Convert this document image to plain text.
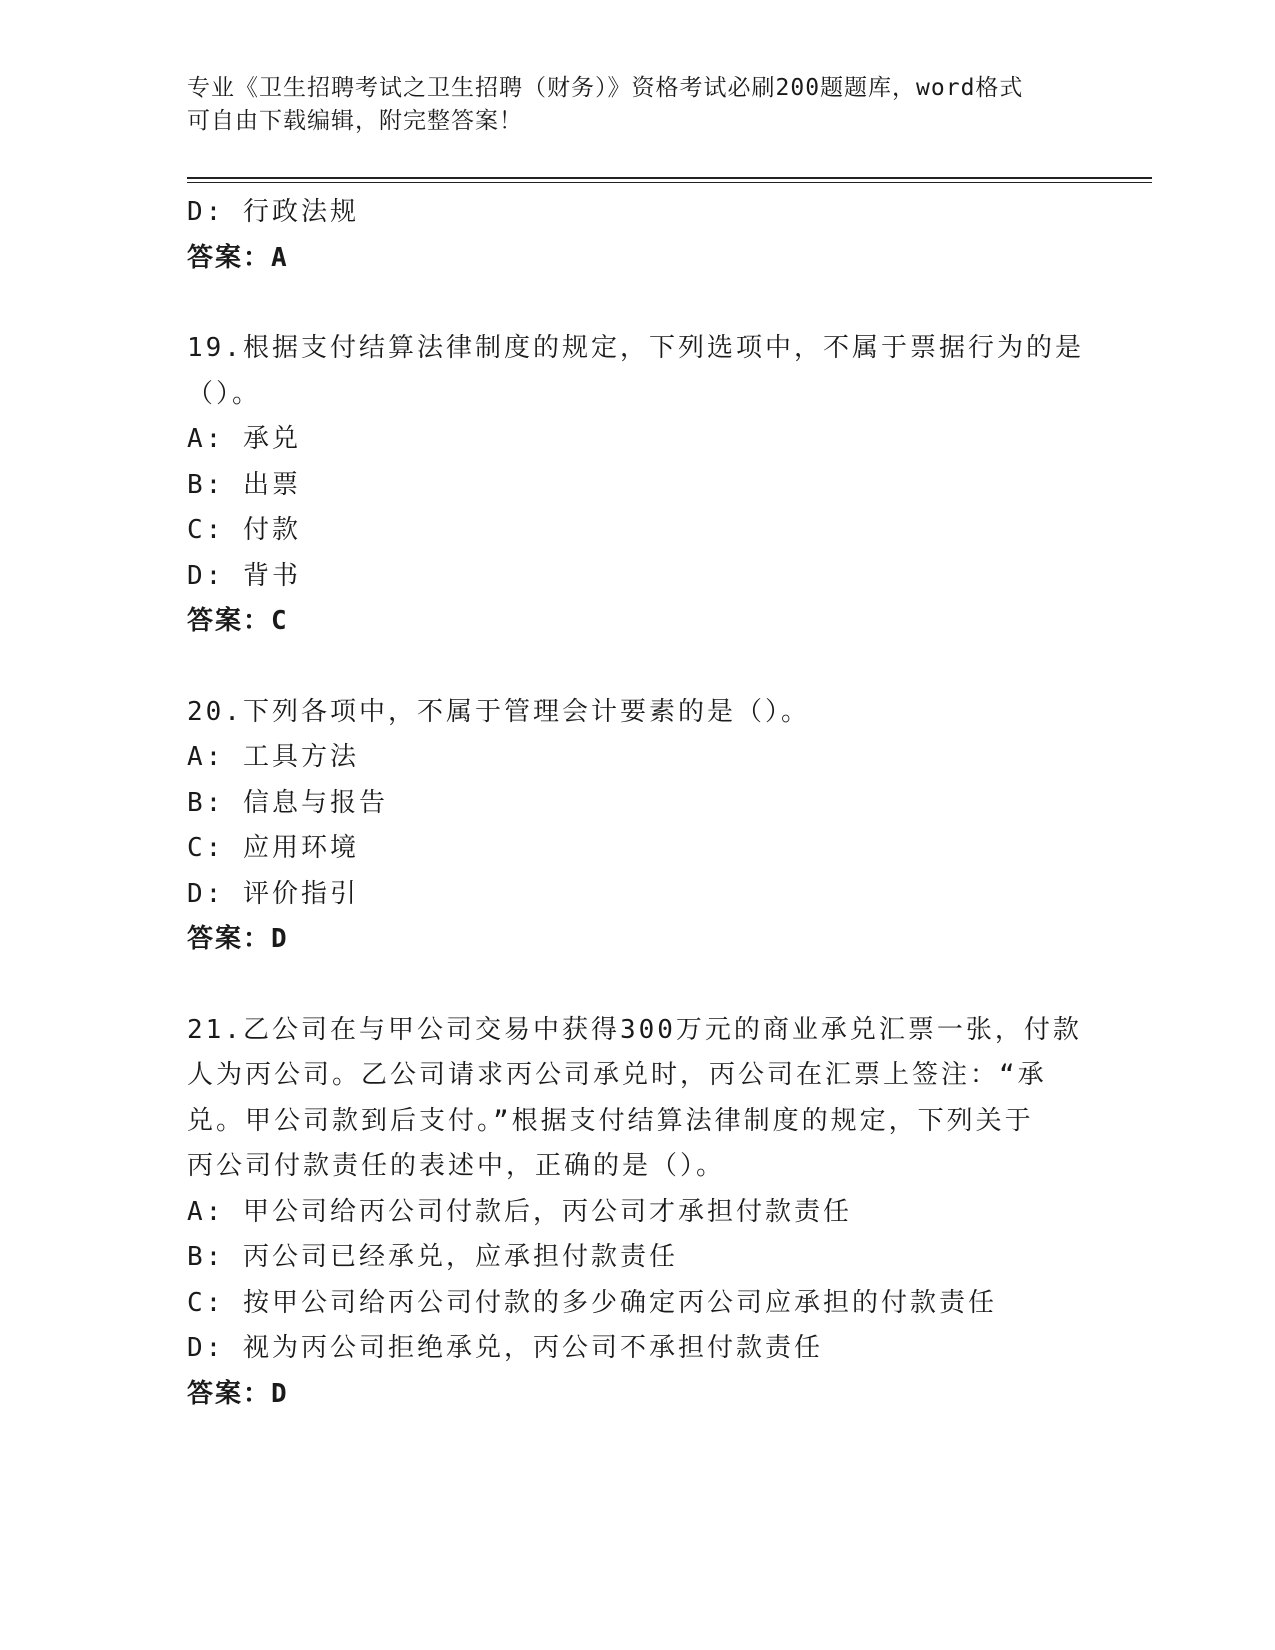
专业《卫生招聘考试之卫生招聘（财务）》资格考试必刷200题题库，word格式
可自由下载编辑，附完整答案！
D: 行政法规
答案：A
19.根据支付结算法律制度的规定，下列选项中，不属于票据行为的是
（）。
A: 承兑
B: 出票
C: 付款
D: 背书
答案：C
20.下列各项中，不属于管理会计要素的是（）。
A: 工具方法
B: 信息与报告
C: 应用环境
D: 评价指引
答案：D
21.乙公司在与甲公司交易中获得300万元的商业承兑汇票一张，付款
人为丙公司。乙公司请求丙公司承兑时，丙公司在汇票上签注：“承
兑。甲公司款到后支付。”根据支付结算法律制度的规定，下列关于
丙公司付款责任的表述中，正确的是（）。
A: 甲公司给丙公司付款后，丙公司才承担付款责任
B: 丙公司已经承兑，应承担付款责任
C: 按甲公司给丙公司付款的多少确定丙公司应承担的付款责任
D: 视为丙公司拒绝承兑，丙公司不承担付款责任
答案：D
